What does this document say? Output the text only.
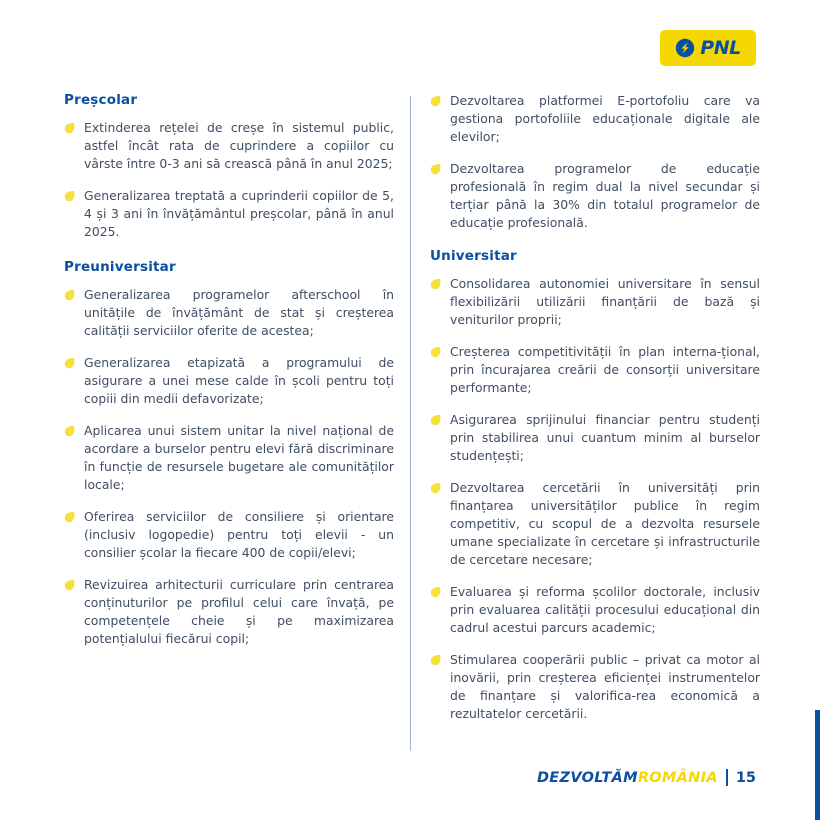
PNL
Preșcolar
Extinderea rețelei de creșe în sistemul public, astfel încât rata de cuprindere a copiilor cu vârste între 0-3 ani să crească până în anul 2025;
Generalizarea treptată a cuprinderii copiilor de 5, 4 și 3 ani în învățământul preșcolar, până în anul 2025.
Preuniversitar
Generalizarea programelor afterschool în unitățile de învățământ de stat și creșterea calității serviciilor oferite de acestea;
Generalizarea etapizată a programului de asigurare a unei mese calde în școli pentru toți copiii din medii defavorizate;
Aplicarea unui sistem unitar la nivel național de acordare a burselor pentru elevi fără discriminare în funcție de resursele bugetare ale comunităților locale;
Oferirea serviciilor de consiliere și orientare (inclusiv logopedie) pentru toți elevii - un consilier școlar la fiecare 400 de copii/elevi;
Revizuirea arhitecturii curriculare prin centrarea conținuturilor pe profilul celui care învață, pe competențele cheie și pe maximizarea potențialului fiecărui copil;
Dezvoltarea platformei E-portofoliu care va gestiona portofoliile educaționale digitale ale elevilor;
Dezvoltarea programelor de educație profesională în regim dual la nivel secundar și terțiar până la 30% din totalul programelor de educație profesională.
Universitar
Consolidarea autonomiei universitare în sensul flexibilizării utilizării finanțării de bază și veniturilor proprii;
Creșterea competitivității în plan interna-țional, prin încurajarea creării de consorții universitare performante;
Asigurarea sprijinului financiar pentru studenți prin stabilirea unui cuantum minim al burselor studențești;
Dezvoltarea cercetării în universități prin finanțarea universităților publice în regim competitiv, cu scopul de a dezvolta resursele umane specializate în cercetare și infrastructurile de cercetare necesare;
Evaluarea și reforma școlilor doctorale, inclusiv prin evaluarea calității procesului educațional din cadrul acestui parcurs academic;
Stimularea cooperării public – privat ca motor al inovării, prin creșterea eficienței instrumentelor de finanțare și valorifica-rea economică a rezultatelor cercetării.
DEZVOLTĂMROMÂNIA 15
